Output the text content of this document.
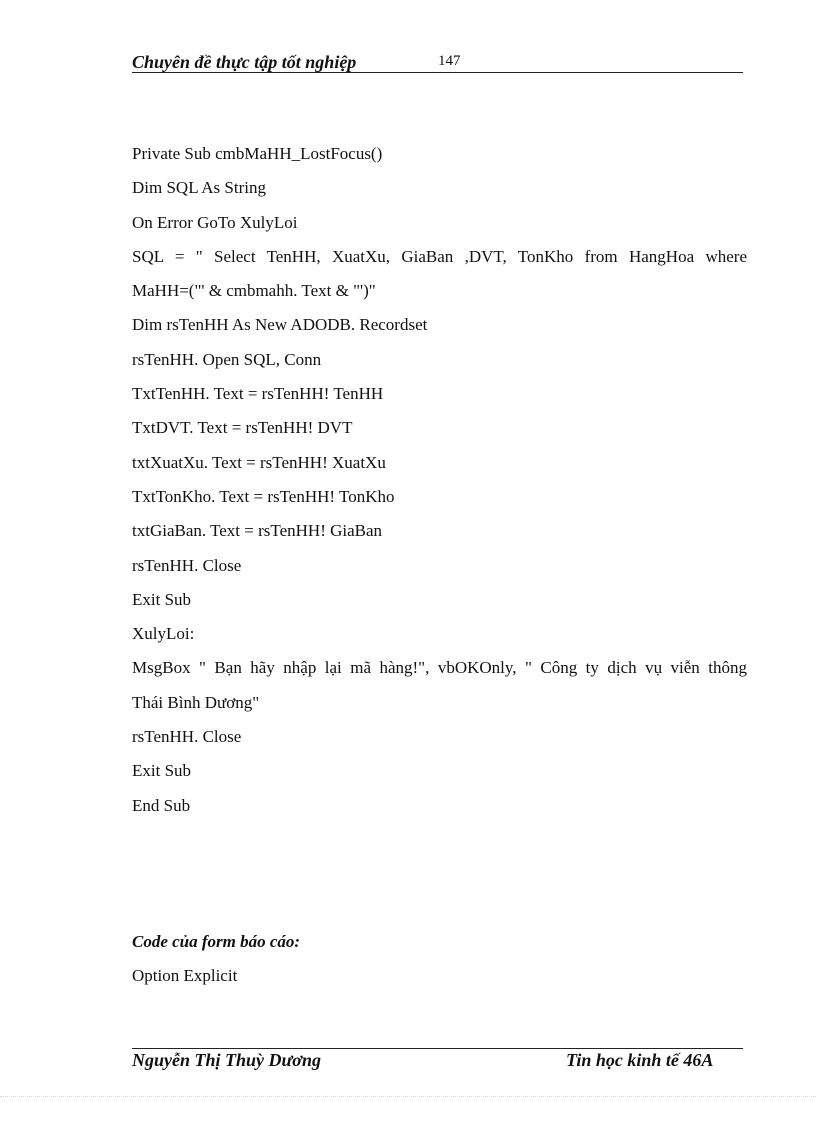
Chuyên đề thực tập tốt nghiệp	147
Private Sub cmbMaHH_LostFocus()
Dim SQL As String
On Error GoTo XulyLoi
SQL = " Select TenHH, XuatXu, GiaBan ,DVT, TonKho from HangHoa where
MaHH=("' & cmbmahh. Text & "')"
Dim rsTenHH As New ADODB. Recordset
rsTenHH. Open SQL, Conn
TxtTenHH. Text = rsTenHH! TenHH
TxtDVT. Text = rsTenHH! DVT
txtXuatXu. Text = rsTenHH! XuatXu
TxtTonKho. Text = rsTenHH! TonKho
txtGiaBan. Text = rsTenHH! GiaBan
rsTenHH. Close
Exit Sub
XulyLoi:
MsgBox " Bạn hãy nhập lại mã hàng!", vbOKOnly, " Công ty dịch vụ viễn thông
Thái Bình Dương"
rsTenHH. Close
Exit Sub
End Sub
Code của form báo cáo:
Option Explicit
Nguyễn Thị Thuỳ Dương	Tin học kinh tế 46A
